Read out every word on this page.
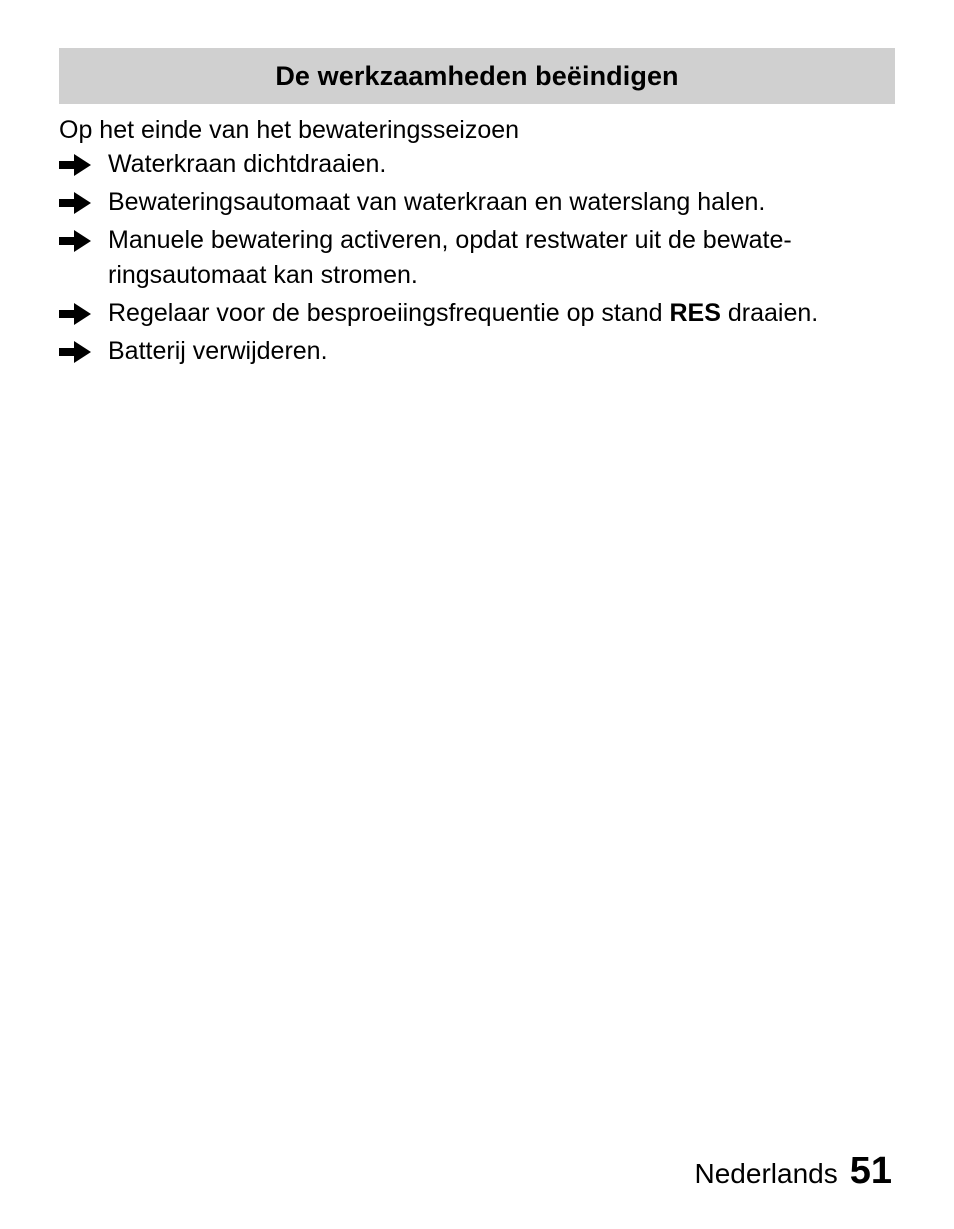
De werkzaamheden beëindigen

Op het einde van het bewateringsseizoen

Waterkraan dichtdraaien.
Bewateringsautomaat van waterkraan en waterslang halen.
Manuele bewatering activeren, opdat restwater uit de bewate-
ringsautomaat kan stromen.
Regelaar voor de besproeiingsfrequentie op stand RES draaien.
Batterij verwijderen.
Nederlands 51
